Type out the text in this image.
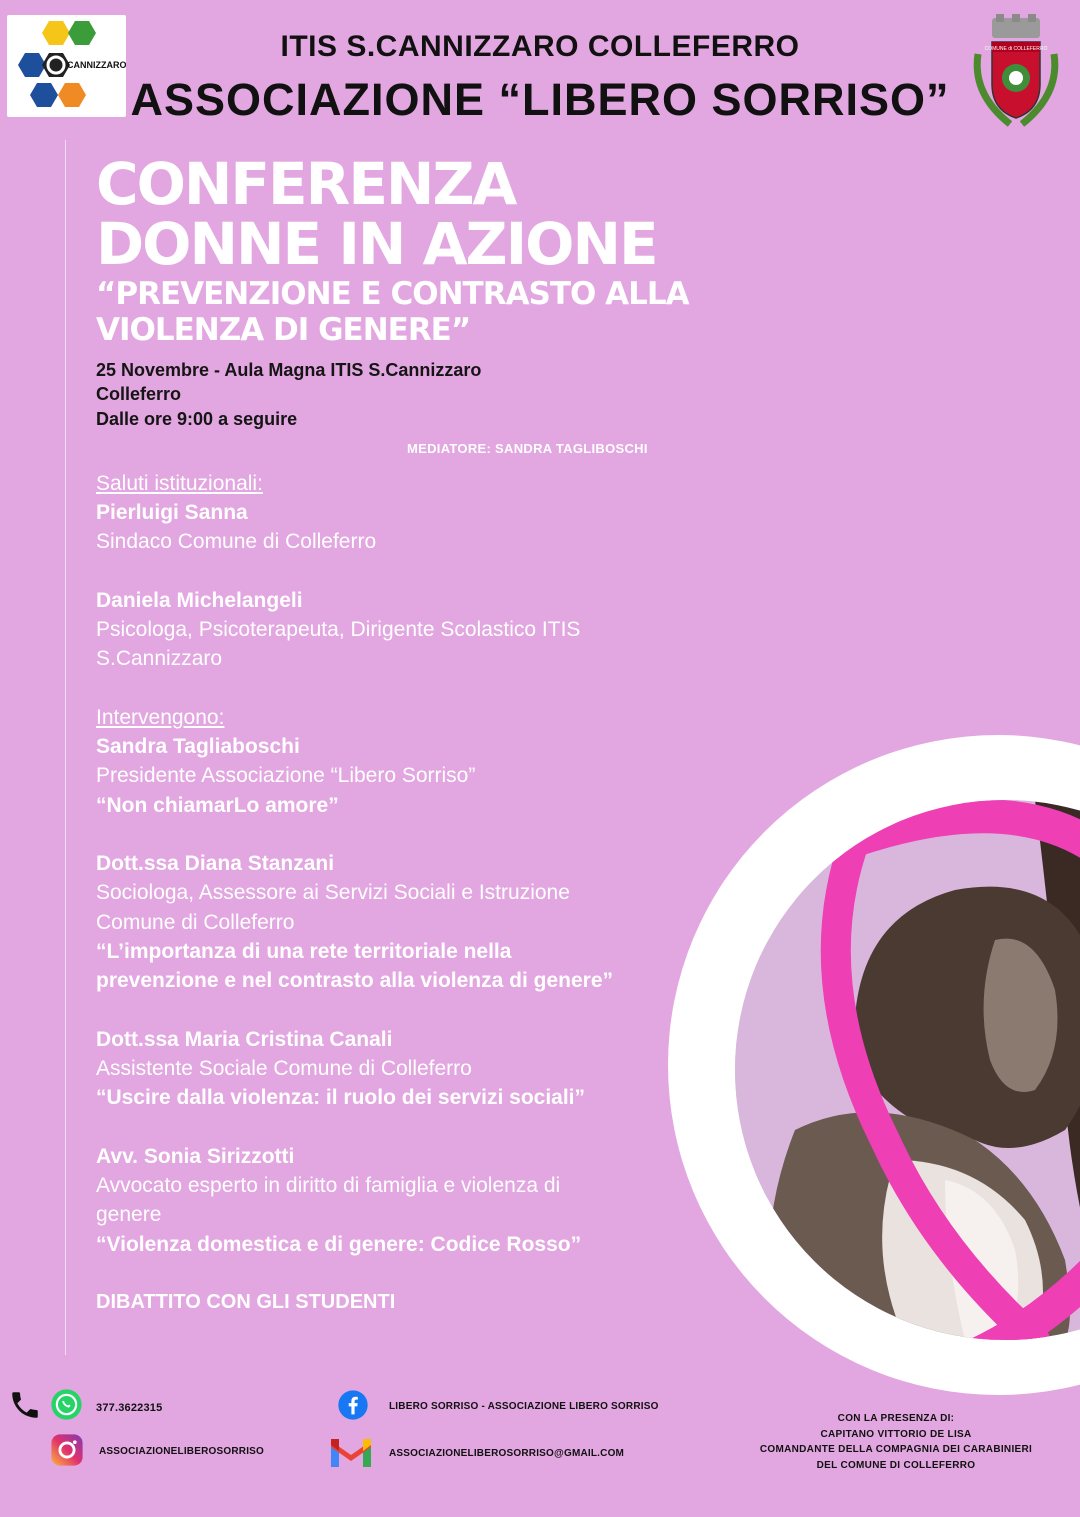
CANNIZZARO
ITIS S.CANNIZZARO COLLEFERRO
ASSOCIAZIONE “LIBERO SORRISO”
COMUNE di COLLEFERRO
CONFERENZA
DONNE IN AZIONE
“PREVENZIONE E CONTRASTO ALLA
VIOLENZA DI GENERE”
25 Novembre - Aula Magna ITIS S.Cannizzaro
Colleferro
Dalle ore 9:00 a seguire
MEDIATORE: SANDRA TAGLIBOSCHI
Saluti istituzionali:
Pierluigi Sanna
Sindaco Comune di Colleferro
Daniela Michelangeli
Psicologa, Psicoterapeuta, Dirigente Scolastico ITIS
S.Cannizzaro
Intervengono:
Sandra Tagliaboschi
Presidente Associazione “Libero Sorriso”
“Non chiamarLo amore”
Dott.ssa Diana Stanzani
Sociologa, Assessore ai Servizi Sociali e Istruzione
Comune di Colleferro
“L’importanza di una rete territoriale nella
prevenzione e nel contrasto alla violenza di genere”
Dott.ssa Maria Cristina Canali
Assistente Sociale Comune di Colleferro
“Uscire dalla violenza: il ruolo dei servizi sociali”
Avv. Sonia Sirizzotti
Avvocato esperto in diritto di famiglia e violenza di
genere
“Violenza domestica e di genere: Codice Rosso”
DIBATTITO CON GLI STUDENTI
377.3622315
ASSOCIAZIONELIBEROSORRISO
LIBERO SORRISO - ASSOCIAZIONE LIBERO SORRISO
ASSOCIAZIONELIBEROSORRISO@GMAIL.COM
CON LA PRESENZA DI:
CAPITANO VITTORIO DE LISA
COMANDANTE DELLA COMPAGNIA DEI CARABINIERI
DEL COMUNE DI COLLEFERRO
